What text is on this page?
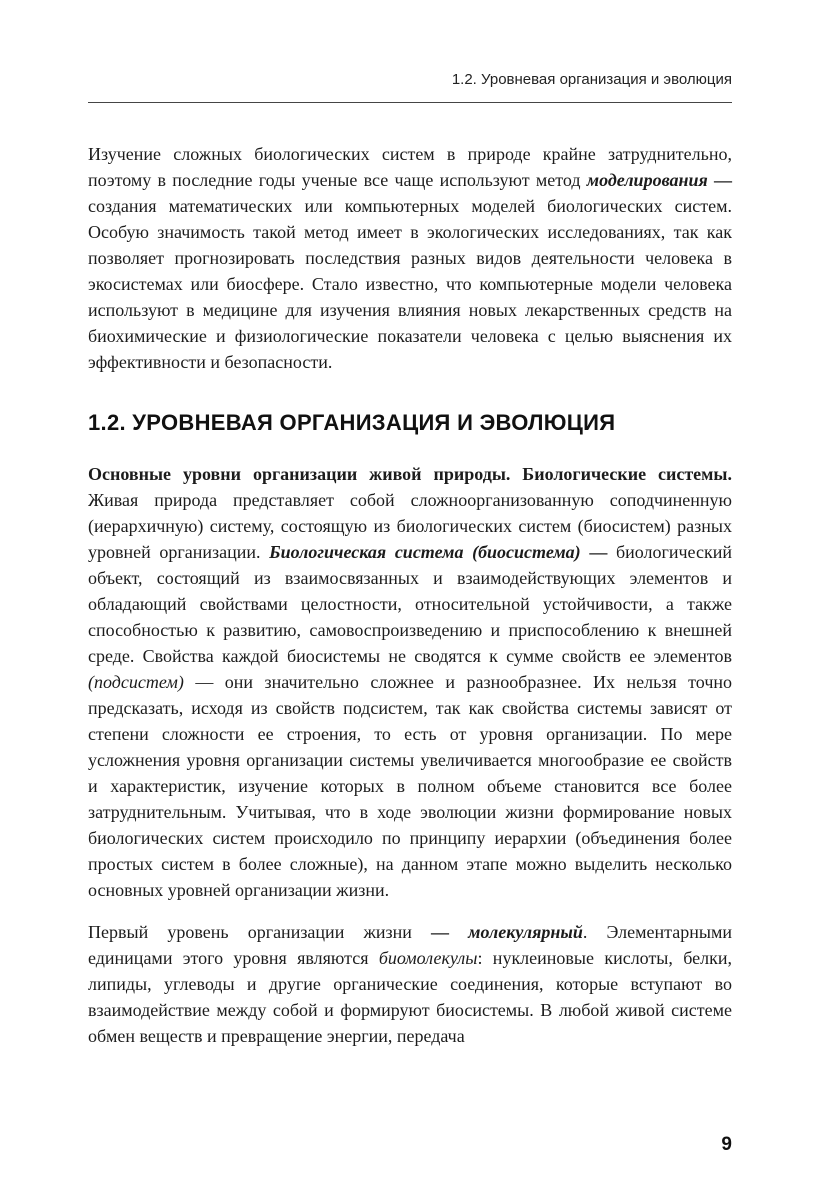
1.2. Уровневая организация и эволюция

Изучение сложных биологических систем в природе крайне затруднительно, поэтому в последние годы ученые все чаще используют метод моделирования — создания математических или компьютерных моделей биологических систем. Особую значимость такой метод имеет в экологических исследованиях, так как позволяет прогнозировать последствия разных видов деятельности человека в экосистемах или биосфере. Стало известно, что компьютерные модели человека используют в медицине для изучения влияния новых лекарственных средств на биохимические и физиологические показатели человека с целью выяснения их эффективности и безопасности.

1.2. УРОВНЕВАЯ ОРГАНИЗАЦИЯ И ЭВОЛЮЦИЯ

Основные уровни организации живой природы. Биологические системы. Живая природа представляет собой сложноорганизованную соподчиненную (иерархичную) систему, состоящую из биологических систем (биосистем) разных уровней организации. Биологическая система (биосистема) — биологический объект, состоящий из взаимосвязанных и взаимодействующих элементов и обладающий свойствами целостности, относительной устойчивости, а также способностью к развитию, самовоспроизведению и приспособлению к внешней среде. Свойства каждой биосистемы не сводятся к сумме свойств ее элементов (подсистем) — они значительно сложнее и разнообразнее. Их нельзя точно предсказать, исходя из свойств подсистем, так как свойства системы зависят от степени сложности ее строения, то есть от уровня организации. По мере усложнения уровня организации системы увеличивается многообразие ее свойств и характеристик, изучение которых в полном объеме становится все более затруднительным. Учитывая, что в ходе эволюции жизни формирование новых биологических систем происходило по принципу иерархии (объединения более простых систем в более сложные), на данном этапе можно выделить несколько основных уровней организации жизни.

Первый уровень организации жизни — молекулярный. Элементарными единицами этого уровня являются биомолекулы: нуклеиновые кислоты, белки, липиды, углеводы и другие органические соединения, которые вступают во взаимодействие между собой и формируют биосистемы. В любой живой системе обмен веществ и превращение энергии, передача

9
